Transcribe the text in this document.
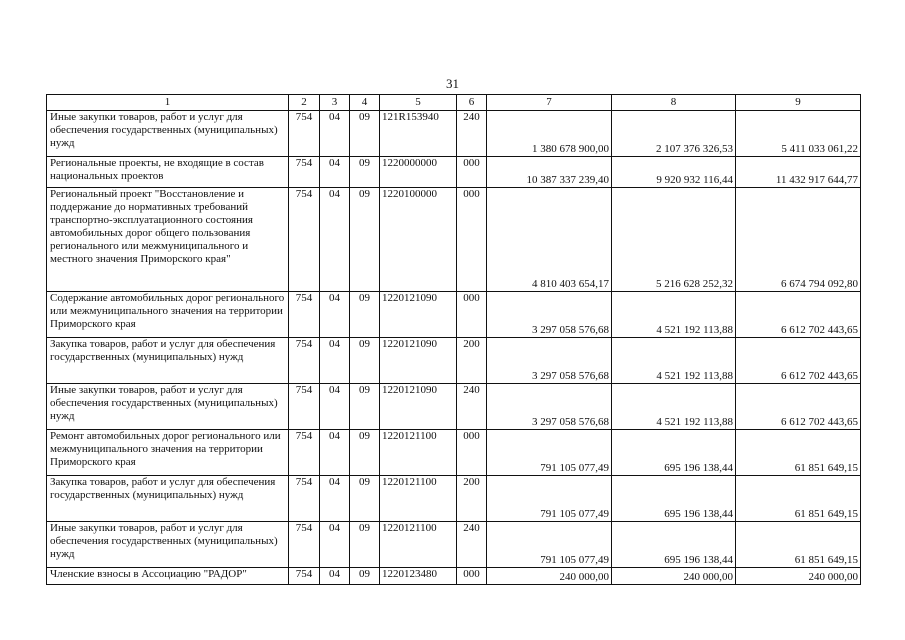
31
1	2	3	4	5	6	7	8	9
Иные закупки товаров, работ и услуг для обеспечения государственных (муниципальных) нужд	754	04	09	121R153940	240	1 380 678 900,00	2 107 376 326,53	5 411 033 061,22
Региональные проекты, не входящие в состав национальных проектов	754	04	09	1220000000	000	10 387 337 239,40	9 920 932 116,44	11 432 917 644,77
Региональный проект "Восстановление и поддержание до нормативных требований транспортно-эксплуатационного состояния автомобильных дорог общего пользования регионального или межмуниципального и местного значения Приморского края"	754	04	09	1220100000	000	4 810 403 654,17	5 216 628 252,32	6 674 794 092,80
Содержание автомобильных дорог регионального или межмуниципального значения на территории Приморского края	754	04	09	1220121090	000	3 297 058 576,68	4 521 192 113,88	6 612 702 443,65
Закупка товаров, работ и услуг для обеспечения государственных (муниципальных) нужд	754	04	09	1220121090	200	3 297 058 576,68	4 521 192 113,88	6 612 702 443,65
Иные закупки товаров, работ и услуг для обеспечения государственных (муниципальных) нужд	754	04	09	1220121090	240	3 297 058 576,68	4 521 192 113,88	6 612 702 443,65
Ремонт автомобильных дорог регионального или межмуниципального значения на территории Приморского края	754	04	09	1220121100	000	791 105 077,49	695 196 138,44	61 851 649,15
Закупка товаров, работ и услуг для обеспечения государственных (муниципальных) нужд	754	04	09	1220121100	200	791 105 077,49	695 196 138,44	61 851 649,15
Иные закупки товаров, работ и услуг для обеспечения государственных (муниципальных) нужд	754	04	09	1220121100	240	791 105 077,49	695 196 138,44	61 851 649,15
Членские взносы в Ассоциацию "РАДОР"	754	04	09	1220123480	000	240 000,00	240 000,00	240 000,00
